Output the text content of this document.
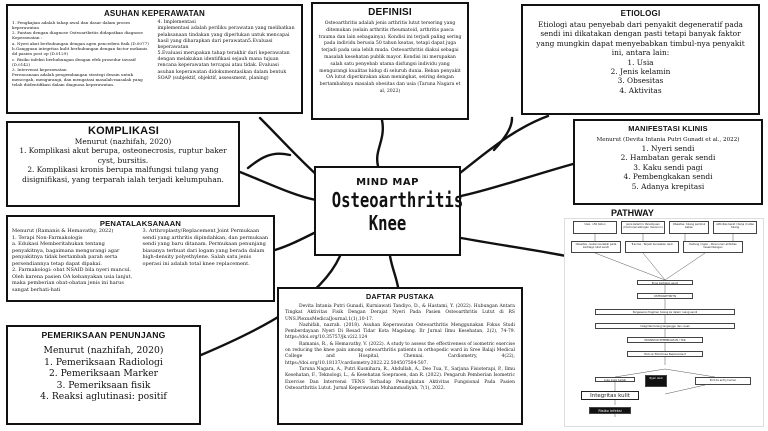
MIND MAP
Osteoarthritis
Knee
ASUHAN KEPERAWATAN

1. Pengkajian adalah tahap awal dan dasar dalam proses keperawatan

2. Pantau dengan diagnose Osteoarthritis didapatkan diagnose Keperawatan :

a. Nyeri akut berhubungan dengan agen pencedera fisik (D.0077)

b.Gangguan integritas kulit berhubungan dengan factor mekanis dd pasien post op (D.0129)

c. Risiko infeksi berhubungan dengan efek prosedur invasif (D.0142)

3. Intervensi keperawatan

Perencanaan adalah pengembangan strategi desain untuk mencegah, mengurangi, dan mengatasi masalah-masalah yang telah diidentifikasi dalam diagnosa keperawatan.

4. Implementasi

implementasi adalah periliku perawatan yang melibatkan pelaksanaan tindakan yang diperlukan untuk mencapai hasil yang diharapkan dari perawatan5.Evaluasi keperawatan

5.Evaluasi merupakan tahap terakhir dari keperawatan dengan melakukan identifikasi sejauh mana tujuan rencana keperawatan tercapai atau tidak. Evaluasi asuhan keperawatan didokumentasikan dalam bentuk SOAP (subjektif, objektif, assessment, planing)

DEFINISI

Osteoarthritis adalah jenis arthritis lutut tersering yang ditemukan (selain arthritis rheumatoid, arthritis pasca trauma dan lain sebagainya). Kondisi ini terjadi paling sering pada individu berusia 50 tahun keatas, tetapi dapat juga terjadi pada usia lebih muda. Osteoarthritis diakui sebagai masalah kesehatan publik mayor. Kondisi ini merupakan salah satu penyebab utama disfungsi individu yang mengurangi kualitas hidup di seluruh dunia. Beban penyakit OA lutut diperkirakan akan meningkat, seiring dengan bertambahnya masalah obesitas dan usia (Taruna Nagara et al, 2022)

ETIOLOGI

Etiologi atau penyebab dari penyakit degeneratif pada sendi ini dikatakan dengan pasti tetapi banyak faktor yang mungkin dapat menyebabkan timbul-nya penyakit ini, antara lain:

1. Usia

2. Jenis kelamin

3. Obsesitas

4. Aktivitas

KOMPLIKASI

Menurut (nazhifah, 2020)

1. Komplikasi akut berupa, osteonecrosis, ruptur baker cyst, bursitis.

2. Komplikasi kronis berupa malfungsi tulang yang disignifikasi, yang terparah ialah terjadi kelumpuhan.

MANIFESTASI KLINIS

Menurut (Devita Intania Putri Gunadi et al., 2022)

1. Nyeri sendi

2. Hambatan gerak sendi

3. Kaku sendi pagi

4. Pembengkakan sendi

5. Adanya krepitasi

PENATALAKSANAAN

Menurut (Ramanis & Hemavathy, 2022)

1. Terapi Non-Farmakologis

a. Edukasi Memberitahukan tentang penyakitnya, bagaimana mengurangi agar penyakitnya tidak bertambah parah serta

persendiannya tetap dapat dipakai.

2. Farmakologi: obat NSAID bila nyeri muncul. Oleh karena pasien OA kebanyakan usia lanjut, maka pemberian obat-obatan jenis ini harus sangat berhati-hati

3. Arthroplasty/Replacement Joint Permukaan sendi yang arthritis dipindahkan, dan permukaan sendi yang baru ditanam. Permukaan penunjang biasanya terbuat dari logam yang berada dalam high-density polyethylene. Salah satu jenis operasi ini adalah total knee replacement.

PEMERIKSAAN PENUNJANG

Menurut (nazhifah, 2020)

1. Pemeriksaan Radiologi

2. Pemeriksaan Marker

3. Pemeriksaan fisik

4. Reaksi aglutinasi: positif

DAFTAR PUSTAKA

Devita Intania Putri Gunadi, Kurniawati Tandiyo, D., & Hastami, Y. (2022). Hubungan Antara Tingkat Aktivitas Fisik Dengan Derajat Nyeri Pada Pasien Osteoarthritis Lutut di RS UNS.PlexusMedicalJournal,1(1),10-17.

Nazhifah, nazrah. (2018). Asuhan Keperawatan Osteoarthritis Menggunakan Fokus Studi Pemberdayaan Nyeri Di Resad Tidar Kota Magelang. Ilr Jurnal Ilmu Kesehatan, 2(2), 74-79. https://doi.org/10.35757/jk.v2i2.124

Ramanis, R., & Hemavathy, V. (2022). A study to assess the effectiveness of isometric exercise on reducing the knee pain among osteoarthritis patients in orthopedic ward in Sree Balaji Medical College and Hospital, Chennai. Cardiometry, 4(22), https://doi.org/10.18137/cardiometry.2022.22.504507504-507.

Taruna Nagara, A., Putri Kusnihara, R., Abdullah, A., Deo Tua, Y., Sarjana Fisioterapi, P., Ilmu Kesehatan, F., Teknologi, L., & Kesehatan Soepraoen, dan R. (2022). Pengaruh Pemberian Isometric Exercise Dan Intervensi TENS Terhadap Peningkatan Aktivitas Fungsional Pada Pasien Osteoarthritis Lutut. Jurnal Keperawatan Muhammadiyah, 7(1), 2022.

PATHWAY
Usia: >50 tahun	Jenis kelamin: Perempuan (hormonal estrogen menurun)
Obesitas: tulang pemikul beban
Aktivitas berat / Kerja di atas tulang
Obesitas - beban berlebih pada kartilago lutut sendi
Trauma - Terjadi kerusakan akut	Kadang ringan - Penurunan aktivitas keseimbangan
Erosi kartilago sendi
OSTEOARTHRITIS
Pergeseran fragmen tulang ke dalam ruang sendi
Integritas tulang terganggu dan rusak
PROSEDUR PEMBEDAHAN / TKR
Post op Total Knee Replacement
Luka insisi bedah
Nyeri akut
Port de entry kuman
Integritas kulit
Risiko infeksi
